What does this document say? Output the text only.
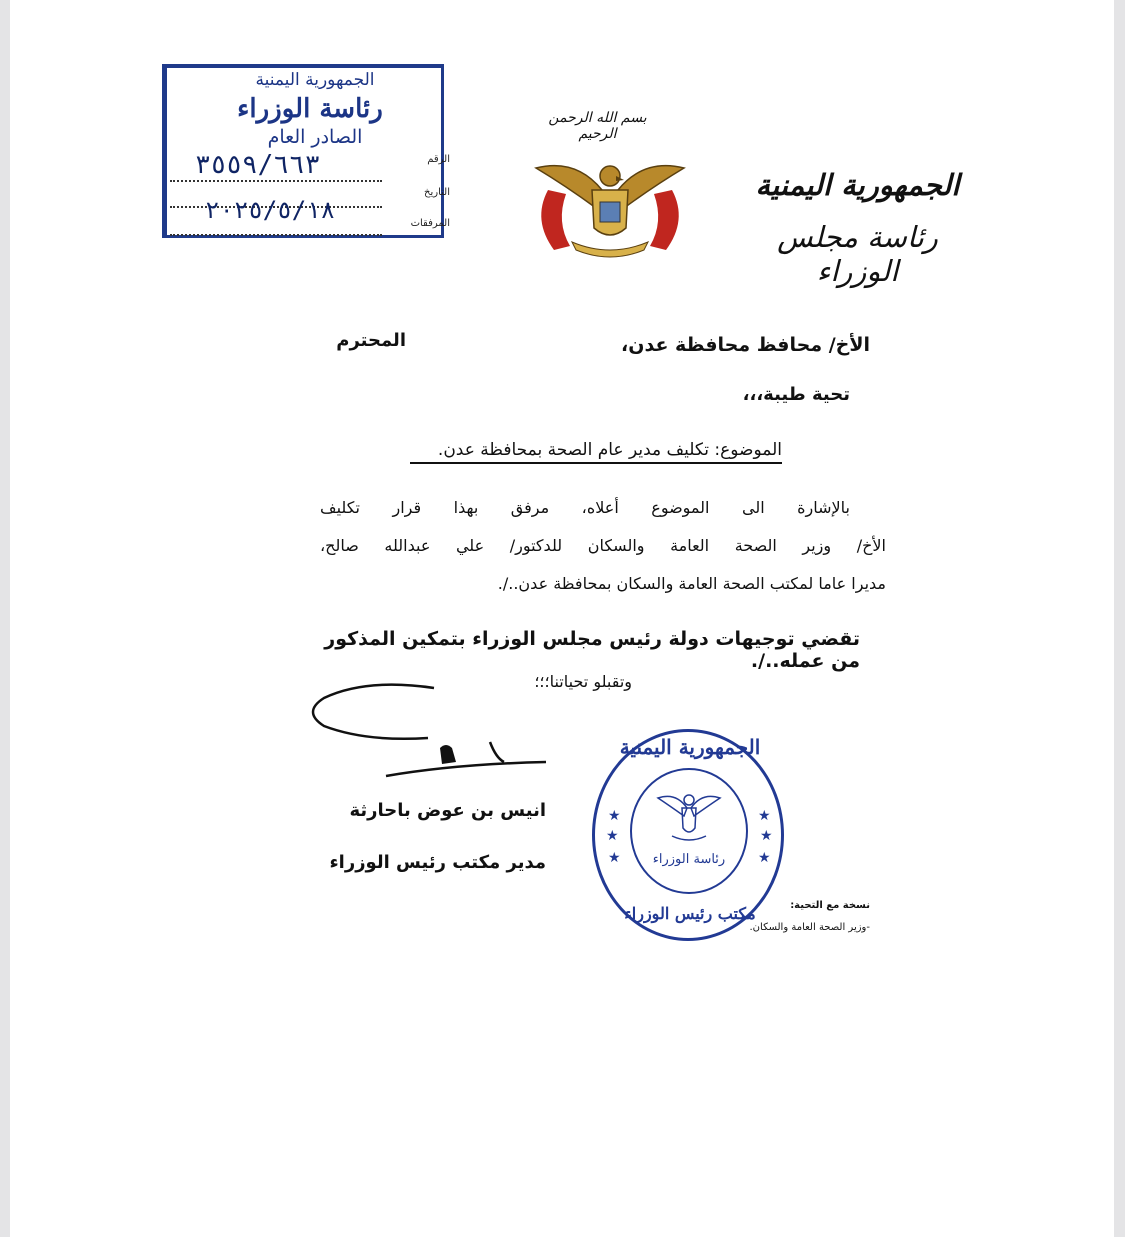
الجمهورية اليمنية
رئاسة الوزراء
الصادر العام
الرقم
التاريخ
المرفقات
٣٥٥٩/٦٦٣
٢٠٢٥/٥/١٨
بسم الله الرحمن الرحيم
الجمهورية اليمنية
رئاسة مجلس الوزراء
الأخ/ محافظ محافظة عدن،
المحترم
تحية طيبة،،،
الموضوع: تكليف مدير عام الصحة بمحافظة عدن.
بالإشارة الى الموضوع أعلاه، مرفق بهذا قرار تكليف
الأخ/ وزير الصحة العامة والسكان للدكتور/ علي عبدالله صالح،
مديرا عاما لمكتب الصحة العامة والسكان بمحافظة عدن../.
تقضي توجيهات دولة رئيس مجلس الوزراء بتمكين المذكور من عمله../.
وتقبلو تحياتنا؛؛؛
انيس بن عوض باحارثة
مدير مكتب رئيس الوزراء
الجمهورية اليمنية
مكتب رئيس الوزراء
رئاسة الوزراء
★
★
★
★
★
★
نسخة مع التحية:
-وزير الصحة العامة والسكان.
